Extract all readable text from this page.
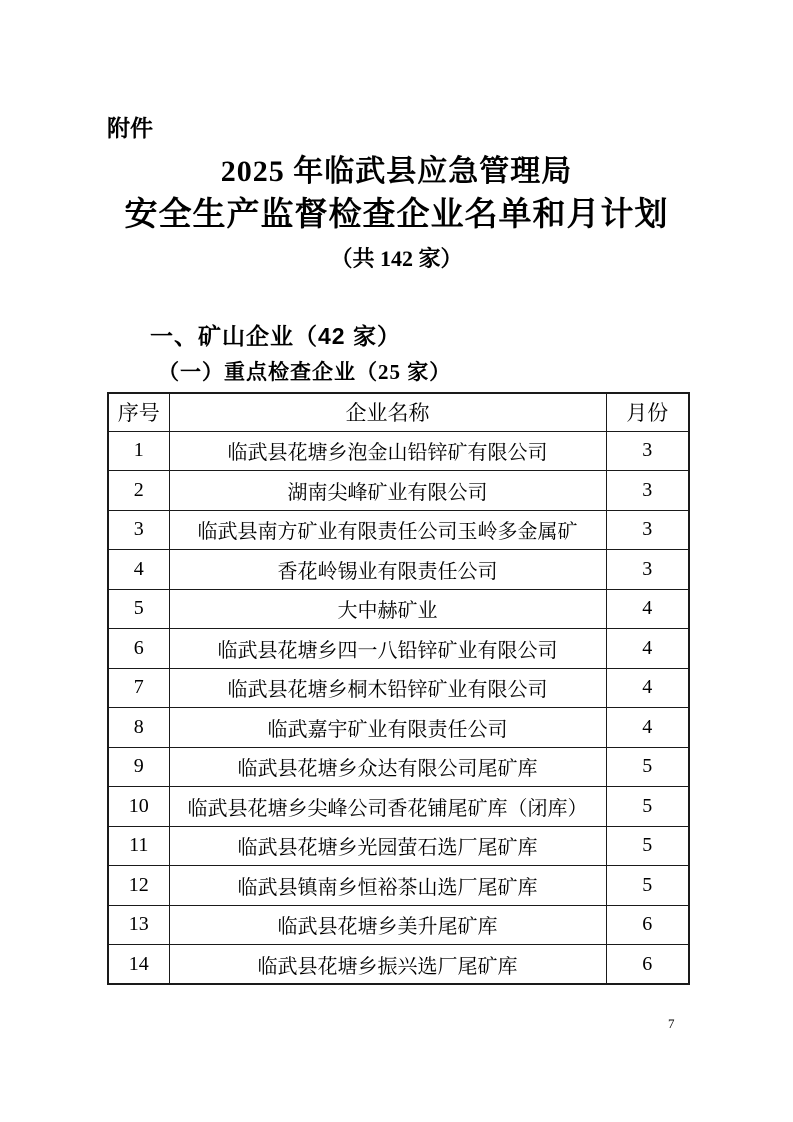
附件
2025 年临武县应急管理局
安全生产监督检查企业名单和月计划
（共 142 家）
一、矿山企业（42 家）
（一）重点检查企业（25 家）
序号	企业名称	月份
1	临武县花塘乡泡金山铅锌矿有限公司	3
2	湖南尖峰矿业有限公司	3
3	临武县南方矿业有限责任公司玉岭多金属矿	3
4	香花岭锡业有限责任公司	3
5	大中赫矿业	4
6	临武县花塘乡四一八铅锌矿业有限公司	4
7	临武县花塘乡桐木铅锌矿业有限公司	4
8	临武嘉宇矿业有限责任公司	4
9	临武县花塘乡众达有限公司尾矿库	5
10	临武县花塘乡尖峰公司香花铺尾矿库（闭库）	5
11	临武县花塘乡光园萤石选厂尾矿库	5
12	临武县镇南乡恒裕茶山选厂尾矿库	5
13	临武县花塘乡美升尾矿库	6
14	临武县花塘乡振兴选厂尾矿库	6
7
